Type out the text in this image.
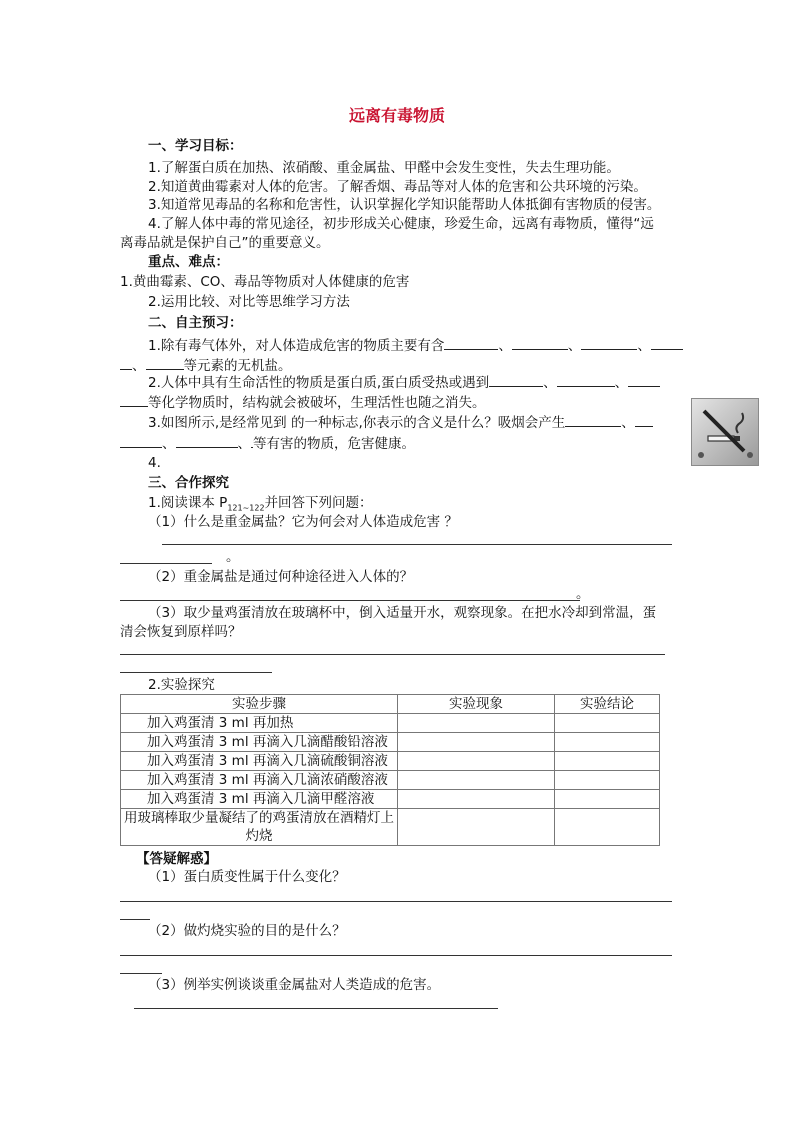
远离有毒物质
一、学习目标：
1.了解蛋白质在加热、浓硝酸、重金属盐、甲醛中会发生变性，失去生理功能。
2.知道黄曲霉素对人体的危害。了解香烟、毒品等对人体的危害和公共环境的污染。
3.知道常见毒品的名称和危害性，认识掌握化学知识能帮助人体抵御有害物质的侵害。
4.了解人体中毒的常见途径，初步形成关心健康，珍爱生命，远离有毒物质，懂得“远
离毒品就是保护自己”的重要意义。
重点、难点：
1.黄曲霉素、CO、毒品等物质对人体健康的危害
2.运用比较、对比等思维学习方法
二、自主预习：
1.除有毒气体外，对人体造成危害的物质主要有含	、	、	、
、	等元素的无机盐。
2.人体中具有生命活性的物质是蛋白质,蛋白质受热或遇到	、	、
等化学物质时，结构就会被破坏，生理活性也随之消失。
3.如图所示,是经常见到 的一种标志,你表示的含义是什么？吸烟会产生	、
、	、 等有害的物质，危害健康。
4.
三、合作探究
1.阅读课本 $P_{121\sim 122}$并回答下列问题：
（1）什么是重金属盐？它为何会对人体造成危害 ？
。
（2）重金属盐是通过何种途径进入人体的？
。
（3）取少量鸡蛋清放在玻璃杯中，倒入适量开水，观察现象。在把水冷却到常温，蛋
清会恢复到原样吗？
2.实验探究
实验步骤	实验现象	实验结论
加入鸡蛋清 3 ml 再加热		
加入鸡蛋清 3 ml 再滴入几滴醋酸铅溶液		
加入鸡蛋清 3 ml 再滴入几滴硫酸铜溶液		
加入鸡蛋清 3 ml 再滴入几滴浓硝酸溶液		
加入鸡蛋清 3 ml 再滴入几滴甲醛溶液		
用玻璃棒取少量凝结了的鸡蛋清放在酒精灯上灼烧		
【答疑解惑】
（1）蛋白质变性属于什么变化？
（2）做灼烧实验的目的是什么？
（3）例举实例谈谈重金属盐对人类造成的危害。
